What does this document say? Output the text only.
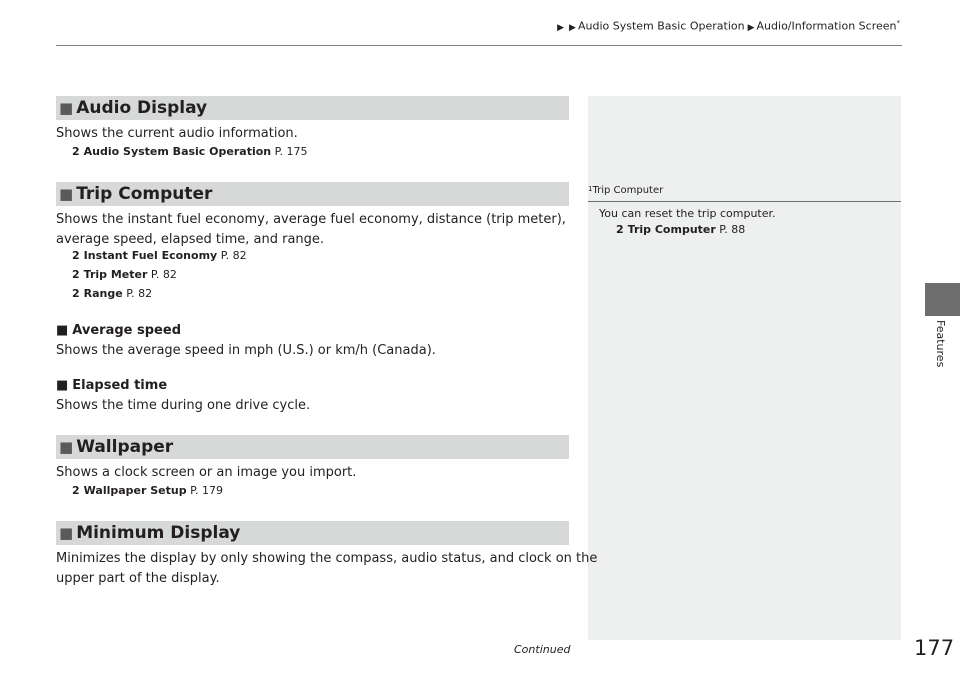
▶ ▶ Audio System Basic Operation ▶ Audio/Information Screen*
$^1$Trip Computer
You can reset the trip computer.
2 Trip Computer P. 88
■ Audio Display
Shows the current audio information.
2 Audio System Basic Operation P. 175
■ Trip Computer
Shows the instant fuel economy, average fuel economy, distance (trip meter),
average speed, elapsed time, and range.
2 Instant Fuel Economy P. 82
2 Trip Meter P. 82
2 Range P. 82
■ Average speed
Shows the average speed in mph (U.S.) or km/h (Canada).
■ Elapsed time
Shows the time during one drive cycle.
■ Wallpaper
Shows a clock screen or an image you import.
2 Wallpaper Setup P. 179
■ Minimum Display
Minimizes the display by only showing the compass, audio status, and clock on the
upper part of the display.
Features
Continued	177
